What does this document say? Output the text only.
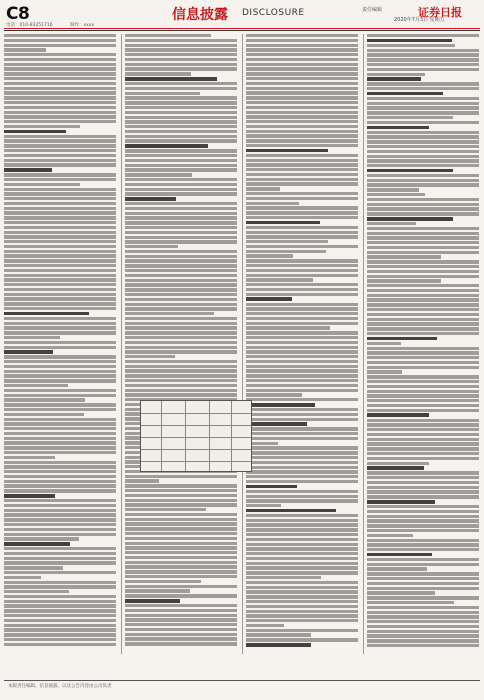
C8
电话：010-83251716	制作：xxxx
信息披露 DISCLOSURE	责任编辑	证券日报
2020年7月3日 星期五
本版责任编辑、信息披露、以及公告内容由公司负责
